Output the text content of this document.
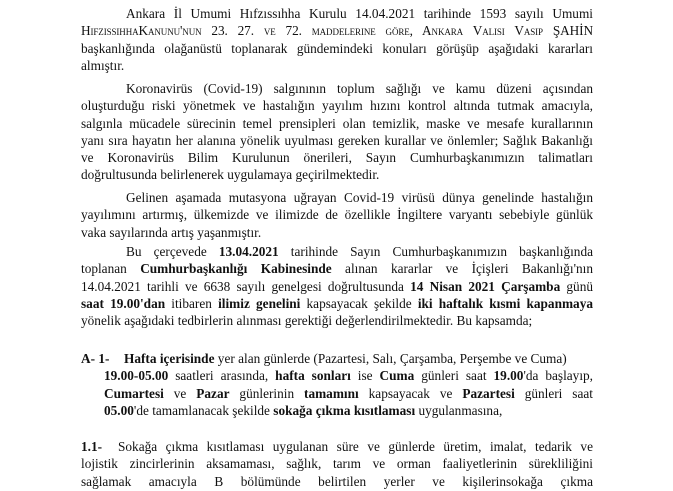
Ankara İl Umumi Hıfzıssıhha Kurulu 14.04.2021 tarihinde 1593 sayılı Umumi
HıfzıssıhhaKanunu'nun 23. 27. ve 72. maddelerine göre, Ankara Valisi Vasip ŞAHİN
başkanlığında olağanüstü toplanarak gündemindeki konuları görüşüp aşağıdaki kararları
almıştır.
Koronavirüs (Covid-19) salgınının toplum sağlığı ve kamu düzeni açısından
oluşturduğu riski yönetmek ve hastalığın yayılım hızını kontrol altında tutmak amacıyla,
salgınla mücadele sürecinin temel prensipleri olan temizlik, maske ve mesafe kurallarının
yanı sıra hayatın her alanına yönelik uyulması gereken kurallar ve önlemler; Sağlık Bakanlığı
ve Koronavirüs Bilim Kurulunun önerileri, Sayın Cumhurbaşkanımızın talimatları
doğrultusunda belirlenerek uygulamaya geçirilmektedir.
Gelinen aşamada mutasyona uğrayan Covid-19 virüsü dünya genelinde hastalığın
yayılımını artırmış, ülkemizde ve ilimizde de özellikle İngiltere varyantı sebebiyle günlük
vaka sayılarında artış yaşanmıştır.
Bu çerçevede 13.04.2021 tarihinde Sayın Cumhurbaşkanımızın başkanlığında
toplanan Cumhurbaşkanlığı Kabinesinde alınan kararlar ve İçişleri Bakanlığı'nın
14.04.2021 tarihli ve 6638 sayılı genelgesi doğrultusunda 14 Nisan 2021 Çarşamba günü
saat 19.00'dan itibaren ilimiz genelini kapsayacak şekilde iki haftalık kısmi kapanmaya
yönelik aşağıdaki tedbirlerin alınması gerektiği değerlendirilmektedir. Bu kapsamda;
A- 1-	Hafta içerisinde yer alan günlerde (Pazartesi, Salı, Çarşamba, Perşembe ve Cuma)
19.00-05.00 saatleri arasında, hafta sonları ise Cuma günleri saat 19.00'da başlayıp,
Cumartesi ve Pazar günlerinin tamamını kapsayacak ve Pazartesi günleri saat
05.00'de tamamlanacak şekilde sokağa çıkma kısıtlaması uygulanmasına,
1.1- Sokağa çıkma kısıtlaması uygulanan süre ve günlerde üretim, imalat, tedarik ve
lojistik zincirlerinin aksamaması, sağlık, tarım ve orman faaliyetlerinin sürekliliğini
sağlamak amacıyla B bölümünde belirtilen yerler ve kişilerinsokağa çıkma
